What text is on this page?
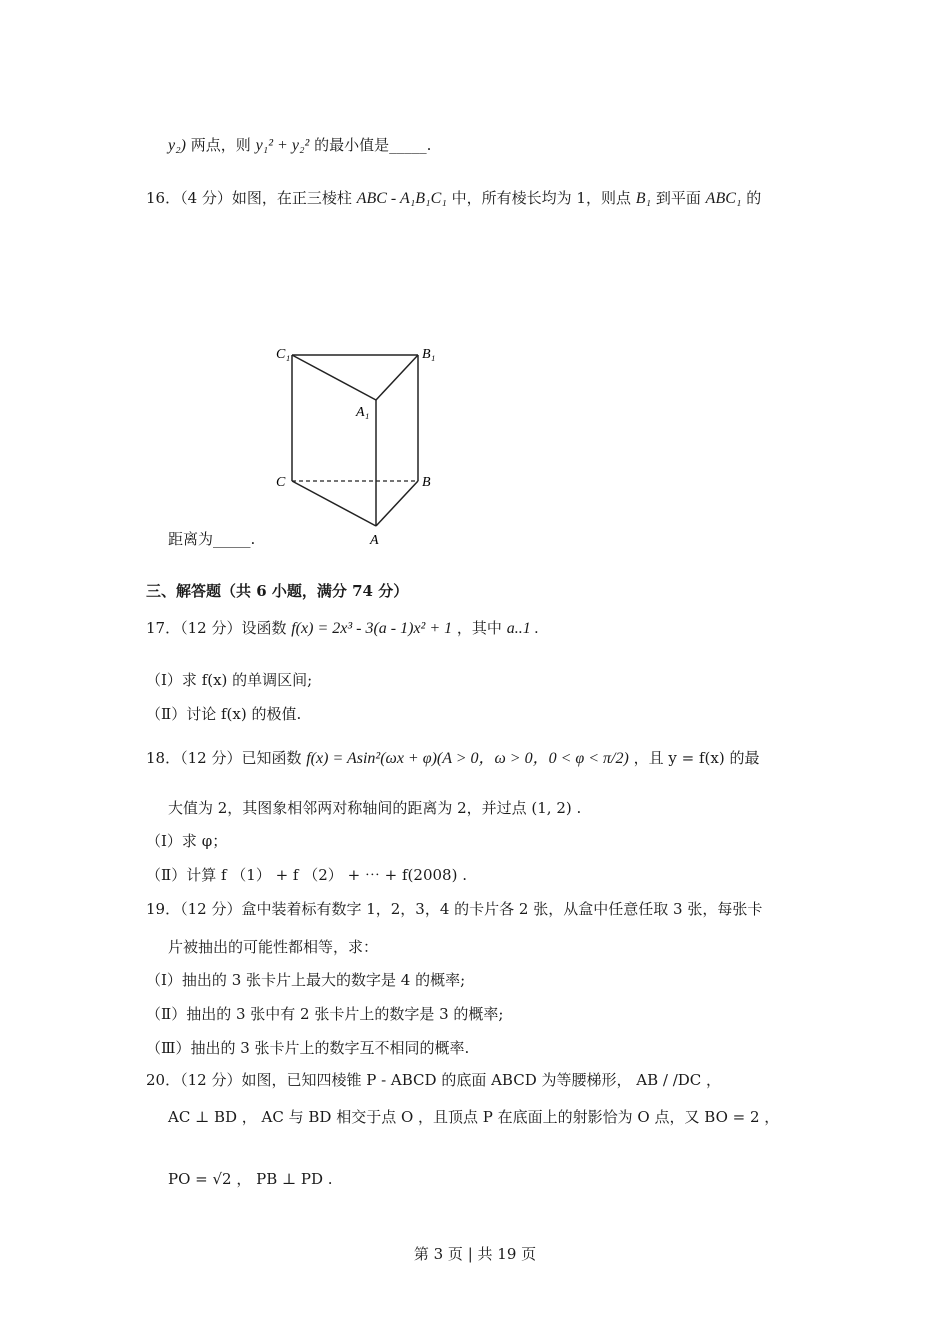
y₂) 两点，则 y₁² + y₂² 的最小值是_____.
16．（4 分）如图，在正三棱柱 ABC - A₁B₁C₁ 中，所有棱长均为 1，则点 B₁ 到平面 ABC₁ 的
C₁	B₁
A₁
C	B
A
距离为_____.
三、解答题（共 6 小题，满分 74 分）
17．（12 分）设函数 f(x) = 2x³ - 3(a - 1)x² + 1 ，其中 a..1 .
（Ⅰ）求 f(x) 的单调区间;
（Ⅱ）讨论 f(x) 的极值.
18．（12 分）已知函数 f(x) = Asin²(ωx + φ)(A > 0，ω > 0，0 < φ < π/2) ，且 y = f(x) 的最
大值为 2，其图象相邻两对称轴间的距离为 2，并过点 (1, 2) .
（Ⅰ）求 φ；
（Ⅱ）计算 f （1） + f （2） + ⋯ + f(2008) .
19．（12 分）盒中装着标有数字 1，2，3，4 的卡片各 2 张，从盒中任意任取 3 张，每张卡
片被抽出的可能性都相等，求：
（Ⅰ）抽出的 3 张卡片上最大的数字是 4 的概率;
（Ⅱ）抽出的 3 张中有 2 张卡片上的数字是 3 的概率;
（Ⅲ）抽出的 3 张卡片上的数字互不相同的概率.
20．（12 分）如图，已知四棱锥 P - ABCD 的底面 ABCD 为等腰梯形， AB / /DC ，
AC ⊥ BD ， AC 与 BD 相交于点 O ，且顶点 P 在底面上的射影恰为 O 点，又 BO = 2 ，
PO = √2 ， PB ⊥ PD .
第 3 页 | 共 19 页
